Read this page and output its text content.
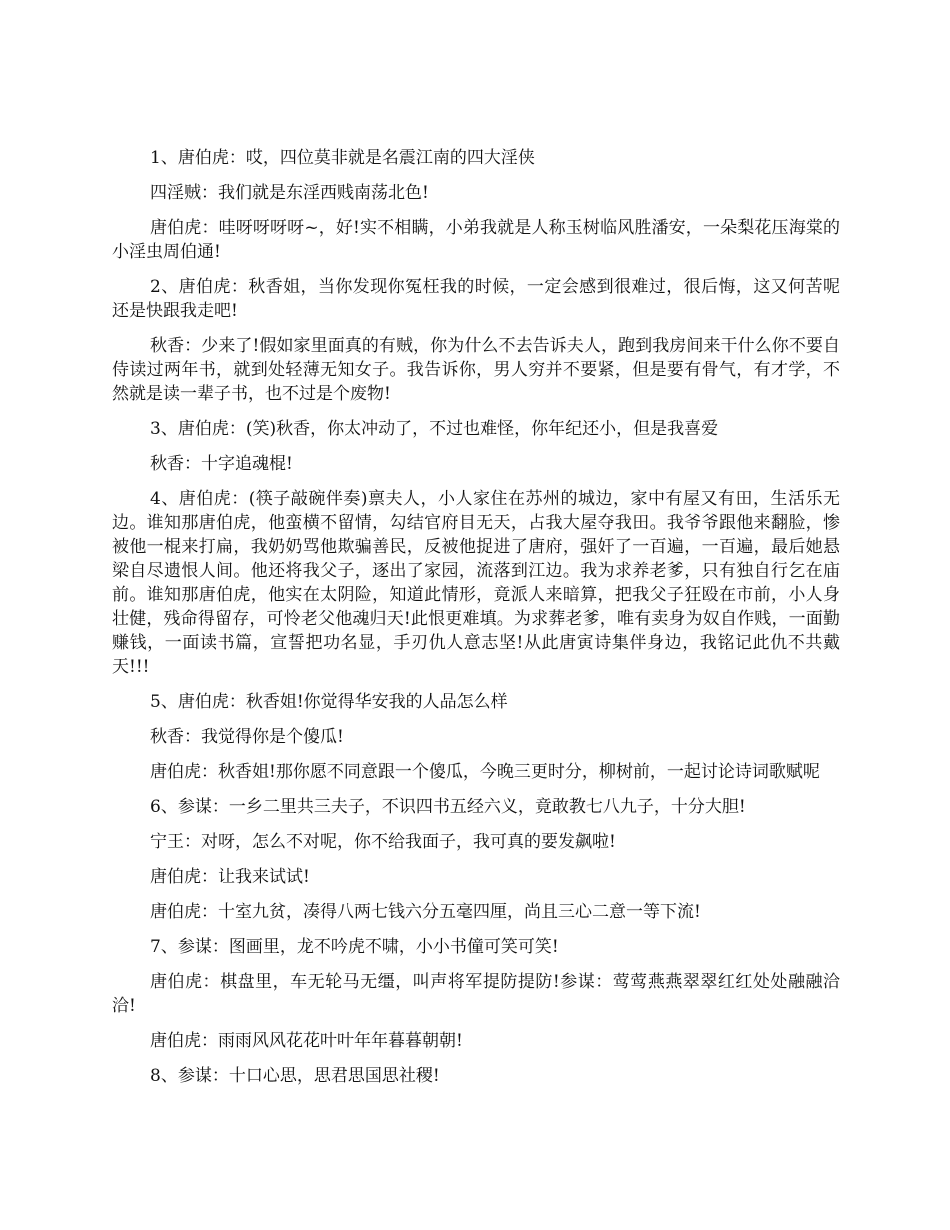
1、唐伯虎：哎，四位莫非就是名震江南的四大淫侠

四淫贼：我们就是东淫西贱南荡北色!

唐伯虎：哇呀呀呀呀~，好!实不相瞒，小弟我就是人称玉树临风胜潘安，一朵梨花压海棠的小淫虫周伯通!

2、唐伯虎：秋香姐，当你发现你冤枉我的时候，一定会感到很难过，很后悔，这又何苦呢还是快跟我走吧!

秋香：少来了!假如家里面真的有贼，你为什么不去告诉夫人，跑到我房间来干什么你不要自侍读过两年书，就到处轻薄无知女子。我告诉你，男人穷并不要紧，但是要有骨气，有才学，不然就是读一辈子书，也不过是个废物!

3、唐伯虎：(笑)秋香，你太冲动了，不过也难怪，你年纪还小，但是我喜爱

秋香：十字追魂棍!

4、唐伯虎：(筷子敲碗伴奏)禀夫人，小人家住在苏州的城边，家中有屋又有田，生活乐无边。谁知那唐伯虎，他蛮横不留情，勾结官府目无天，占我大屋夺我田。我爷爷跟他来翻脸，惨被他一棍来打扁，我奶奶骂他欺骗善民，反被他捉进了唐府，强奸了一百遍，一百遍，最后她悬梁自尽遗恨人间。他还将我父子，逐出了家园，流落到江边。我为求养老爹，只有独自行乞在庙前。谁知那唐伯虎，他实在太阴险，知道此情形，竟派人来暗算，把我父子狂殴在市前，小人身壮健，残命得留存，可怜老父他魂归天!此恨更难填。为求葬老爹，唯有卖身为奴自作贱，一面勤赚钱，一面读书篇，宣誓把功名显，手刃仇人意志坚!从此唐寅诗集伴身边，我铭记此仇不共戴天!!!

5、唐伯虎：秋香姐!你觉得华安我的人品怎么样

秋香：我觉得你是个傻瓜!

唐伯虎：秋香姐!那你愿不同意跟一个傻瓜，今晚三更时分，柳树前，一起讨论诗词歌赋呢

6、参谋：一乡二里共三夫子，不识四书五经六义，竟敢教七八九子，十分大胆!

宁王：对呀，怎么不对呢，你不给我面子，我可真的要发飙啦!

唐伯虎：让我来试试!

唐伯虎：十室九贫，凑得八两七钱六分五毫四厘，尚且三心二意一等下流!

7、参谋：图画里，龙不吟虎不啸，小小书僮可笑可笑!

唐伯虎：棋盘里，车无轮马无缰，叫声将军提防提防!参谋：莺莺燕燕翠翠红红处处融融洽洽!

唐伯虎：雨雨风风花花叶叶年年暮暮朝朝!

8、参谋：十口心思，思君思国思社稷!
